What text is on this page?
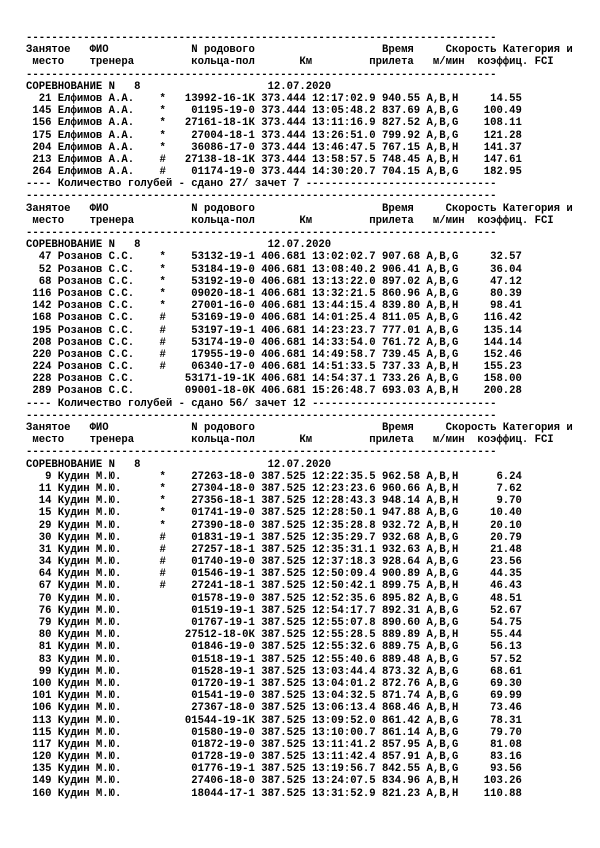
--------------------------------------------------------------------------
Занятое   ФИО             N родового                    Время     Скорость Категория и
место    тренера         кольца-пол       Км         прилета   м/мин  коэффиц. FCI
--------------------------------------------------------------------------
СОРЕВНОВАНИЕ N   8                    12.07.2020
21 Елфимов А.А.    *   13992-16-1К 373.444 12:17:02.9 940.55 A,B,H     14.55
145 Елфимов А.А.    *    01195-19-0 373.444 13:05:48.2 837.69 A,B,G    100.49
156 Елфимов А.А.    *   27161-18-1К 373.444 13:11:16.9 827.52 A,B,G    108.11
175 Елфимов А.А.    *    27004-18-1 373.444 13:26:51.0 799.92 A,B,G    121.28
204 Елфимов А.А.    *    36086-17-0 373.444 13:46:47.5 767.15 A,B,H    141.37
213 Елфимов А.А.    #   27138-18-1К 373.444 13:58:57.5 748.45 A,B,H    147.61
264 Елфимов А.А.    #    01174-19-0 373.444 14:30:20.7 704.15 A,B,G    182.95
---- Количество голубей - сдано 27/ зачет 7 ------------------------------
--------------------------------------------------------------------------
Занятое   ФИО             N родового                    Время     Скорость Категория и
место    тренера         кольца-пол       Км         прилета   м/мин  коэффиц. FCI
--------------------------------------------------------------------------
СОРЕВНОВАНИЕ N   8                    12.07.2020
47 Розанов С.С.    *    53132-19-1 406.681 13:02:02.7 907.68 A,B,G     32.57
52 Розанов С.С.    *    53184-19-0 406.681 13:08:40.2 906.41 A,B,G     36.04
68 Розанов С.С.    *    53192-19-0 406.681 13:13:22.0 897.02 A,B,G     47.12
116 Розанов С.С.    *    09020-18-1 406.681 13:32:21.5 860.96 A,B,G     80.39
142 Розанов С.С.    *    27001-16-0 406.681 13:44:15.4 839.80 A,B,H     98.41
168 Розанов С.С.    #    53169-19-0 406.681 14:01:25.4 811.05 A,B,G    116.42
195 Розанов С.С.    #    53197-19-1 406.681 14:23:23.7 777.01 A,B,G    135.14
208 Розанов С.С.    #    53174-19-0 406.681 14:33:54.0 761.72 A,B,G    144.14
220 Розанов С.С.    #    17955-19-0 406.681 14:49:58.7 739.45 A,B,G    152.46
224 Розанов С.С.    #    06340-17-0 406.681 14:51:33.5 737.33 A,B,H    155.23
228 Розанов С.С.        53171-19-1К 406.681 14:54:37.1 733.26 A,B,G    158.00
289 Розанов С.С.        09001-18-0К 406.681 15:26:48.7 693.03 A,B,H    200.28
---- Количество голубей - сдано 56/ зачет 12 -----------------------------
--------------------------------------------------------------------------
Занятое   ФИО             N родового                    Время     Скорость Категория и
место    тренера         кольца-пол       Км         прилета   м/мин  коэффиц. FCI
--------------------------------------------------------------------------
СОРЕВНОВАНИЕ N   8                    12.07.2020
9 Кудин М.Ю.      *    27263-18-0 387.525 12:22:35.5 962.58 A,B,H      6.24
11 Кудин М.Ю.      *    27304-18-0 387.525 12:23:23.6 960.66 A,B,H      7.62
14 Кудин М.Ю.      *    27356-18-1 387.525 12:28:43.3 948.14 A,B,H      9.70
15 Кудин М.Ю.      *    01741-19-0 387.525 12:28:50.1 947.88 A,B,G     10.40
29 Кудин М.Ю.      *    27390-18-0 387.525 12:35:28.8 932.72 A,B,H     20.10
30 Кудин М.Ю.      #    01831-19-1 387.525 12:35:29.7 932.68 A,B,G     20.79
31 Кудин М.Ю.      #    27257-18-1 387.525 12:35:31.1 932.63 A,B,H     21.48
34 Кудин М.Ю.      #    01740-19-0 387.525 12:37:18.3 928.64 A,B,G     23.56
64 Кудин М.Ю.      #    01546-19-1 387.525 12:50:09.4 900.89 A,B,G     44.35
67 Кудин М.Ю.      #    27241-18-1 387.525 12:50:42.1 899.75 A,B,H     46.43
70 Кудин М.Ю.           01578-19-0 387.525 12:52:35.6 895.82 A,B,G     48.51
76 Кудин М.Ю.           01519-19-1 387.525 12:54:17.7 892.31 A,B,G     52.67
79 Кудин М.Ю.           01767-19-1 387.525 12:55:07.8 890.60 A,B,G     54.75
80 Кудин М.Ю.          27512-18-0К 387.525 12:55:28.5 889.89 A,B,H     55.44
81 Кудин М.Ю.           01846-19-0 387.525 12:55:32.6 889.75 A,B,G     56.13
83 Кудин М.Ю.           01518-19-1 387.525 12:55:40.6 889.48 A,B,G     57.52
99 Кудин М.Ю.           01528-19-1 387.525 13:03:44.4 873.32 A,B,G     68.61
100 Кудин М.Ю.           01720-19-1 387.525 13:04:01.2 872.76 A,B,G     69.30
101 Кудин М.Ю.           01541-19-0 387.525 13:04:32.5 871.74 A,B,G     69.99
106 Кудин М.Ю.           27367-18-0 387.525 13:06:13.4 868.46 A,B,H     73.46
113 Кудин М.Ю.          01544-19-1К 387.525 13:09:52.0 861.42 A,B,G     78.31
115 Кудин М.Ю.           01580-19-0 387.525 13:10:00.7 861.14 A,B,G     79.70
117 Кудин М.Ю.           01872-19-0 387.525 13:11:41.2 857.95 A,B,G     81.08
120 Кудин М.Ю.           01728-19-0 387.525 13:11:42.4 857.91 A,B,G     83.16
135 Кудин М.Ю.           01776-19-1 387.525 13:19:56.7 842.55 A,B,G     93.56
149 Кудин М.Ю.           27406-18-0 387.525 13:24:07.5 834.96 A,B,H    103.26
160 Кудин М.Ю.           18044-17-1 387.525 13:31:52.9 821.23 A,B,H    110.88
